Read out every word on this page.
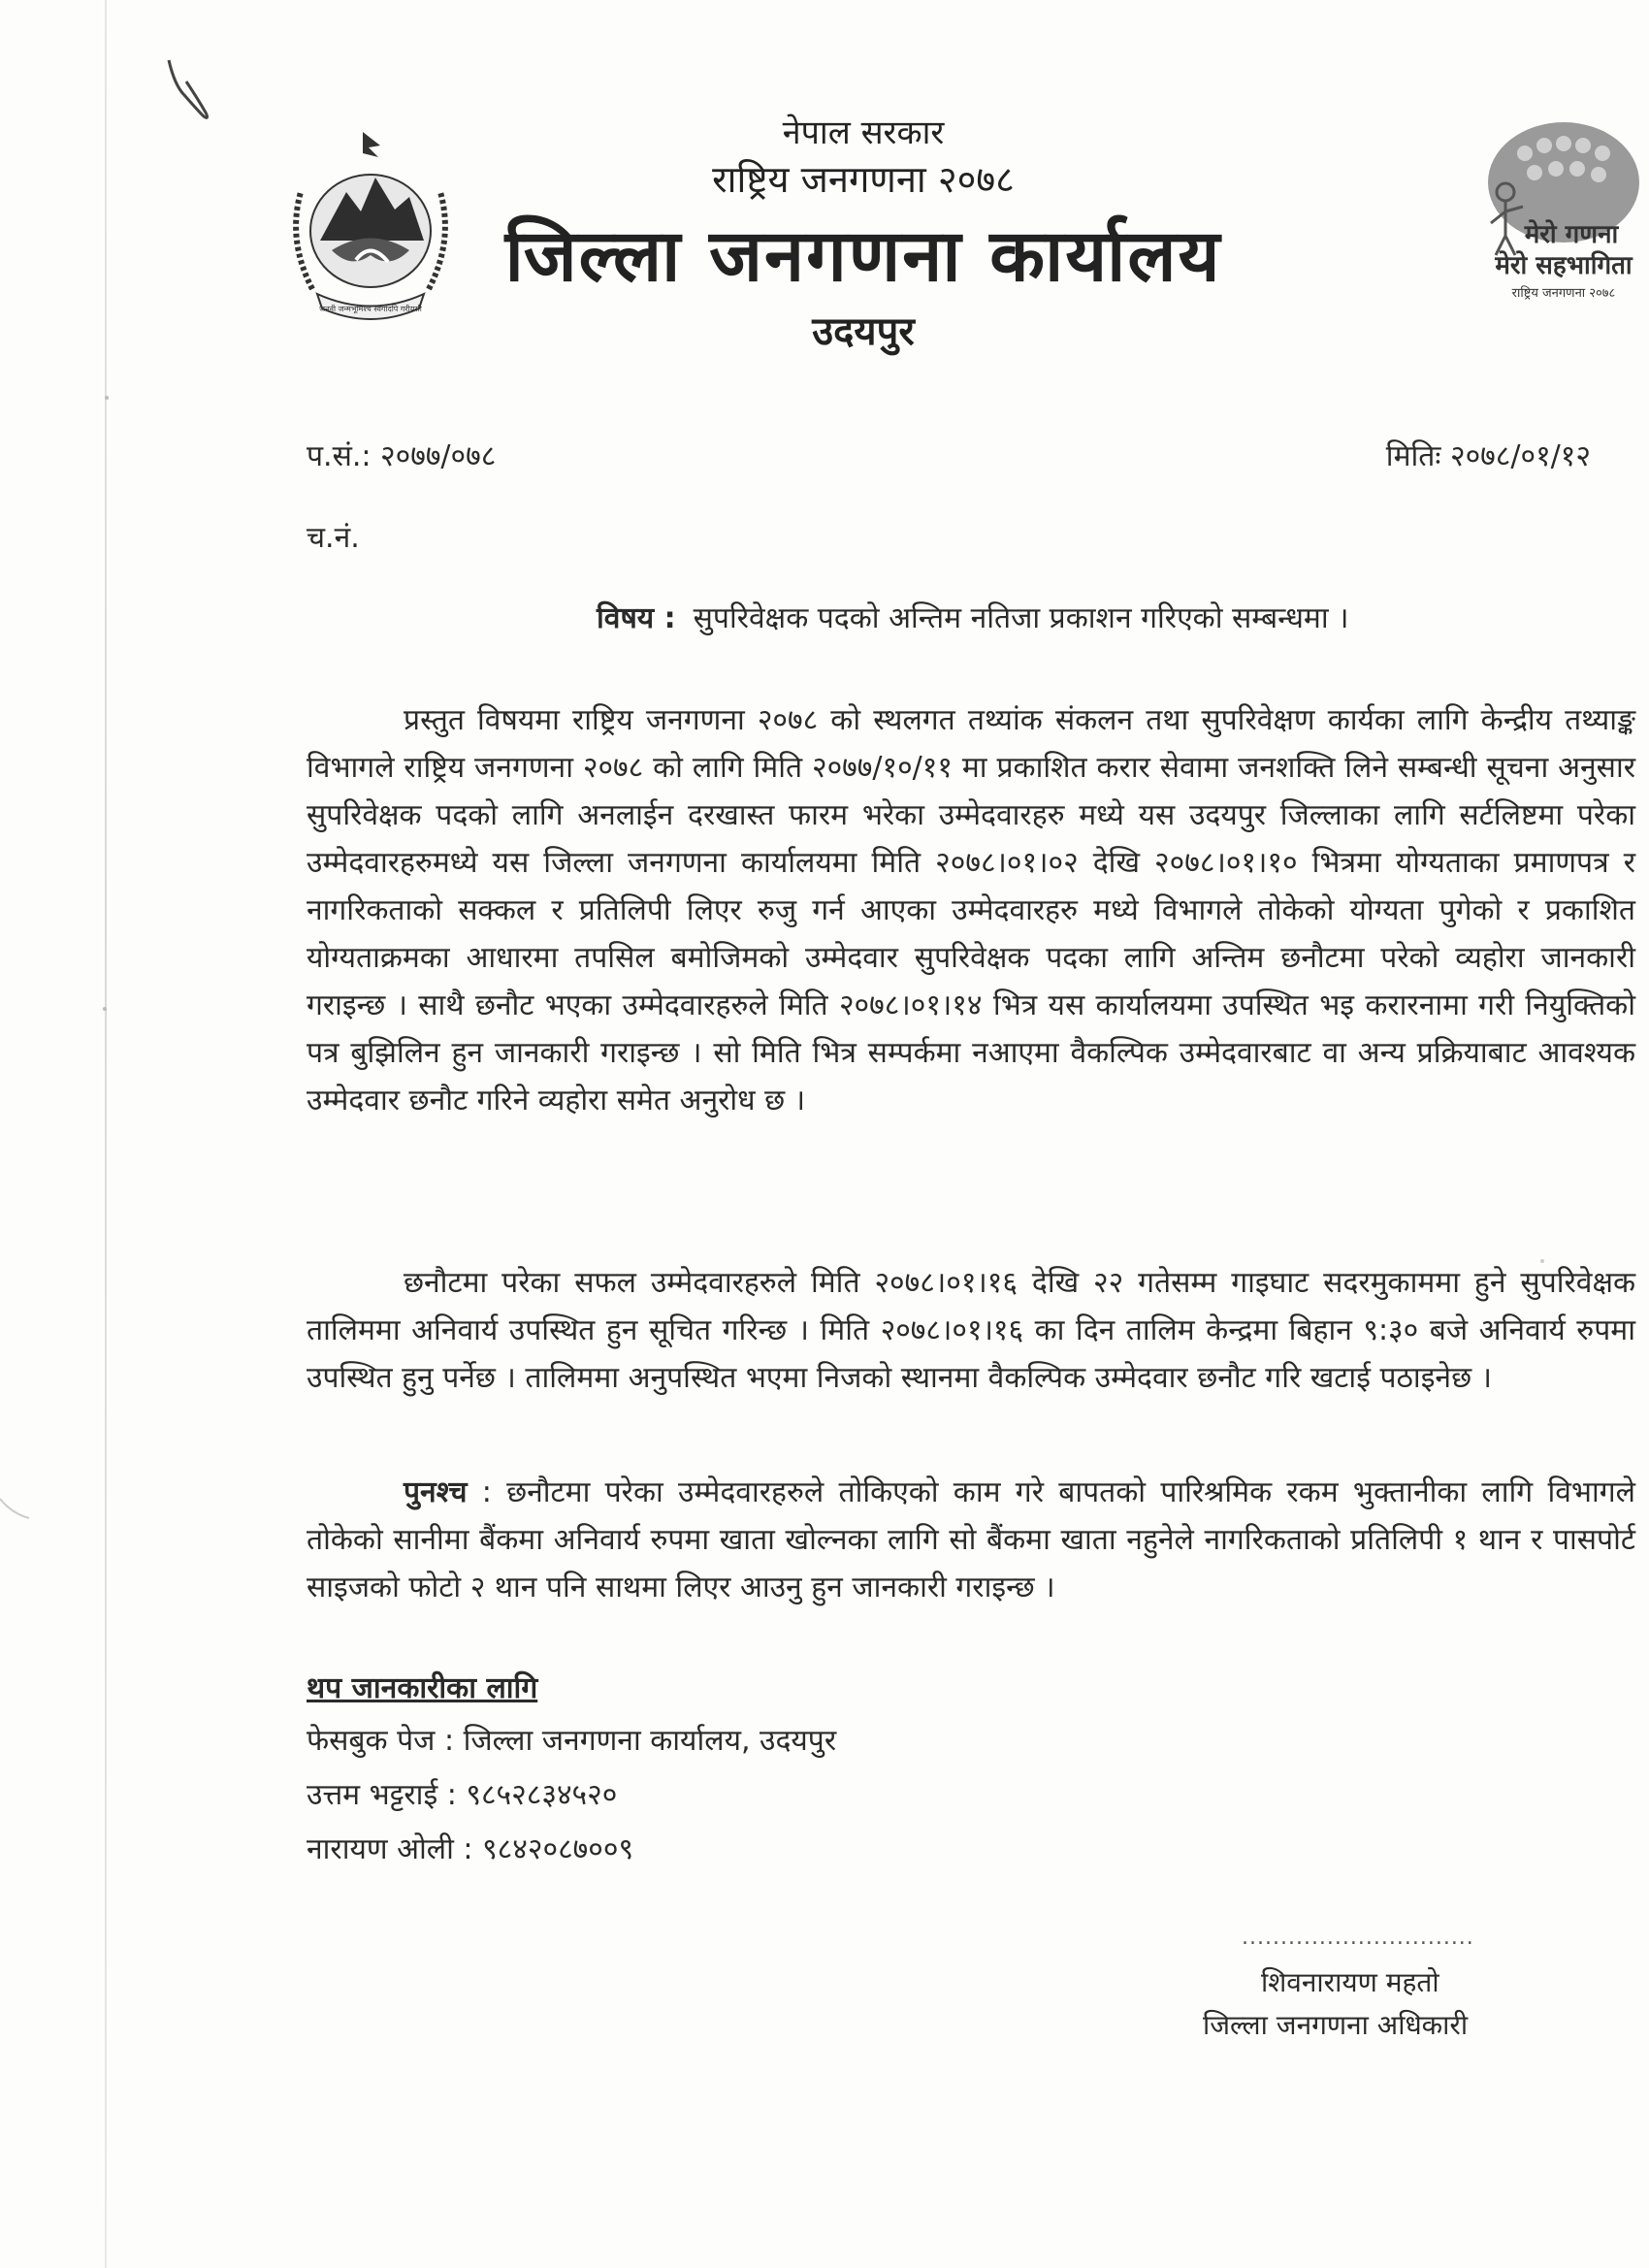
जननी जन्मभूमिश्च स्वर्गादपि गरीयसी
मेरो गणना
मेरो सहभागिता
राष्ट्रिय जनगणना २०७८
नेपाल सरकार
राष्ट्रिय जनगणना २०७८
जिल्ला जनगणना कार्यालय
उदयपुर
प.सं.: २०७७/०७८	मितिः २०७८/०१/१२
च.नं.
विषय : सुपरिवेक्षक पदको अन्तिम नतिजा प्रकाशन गरिएको सम्बन्धमा ।
प्रस्तुत विषयमा राष्ट्रिय जनगणना २०७८ को स्थलगत तथ्यांक संकलन तथा सुपरिवेक्षण कार्यका लागि केन्द्रीय तथ्याङ्क विभागले राष्ट्रिय जनगणना २०७८ को लागि मिति २०७७/१०/११ मा प्रकाशित करार सेवामा जनशक्ति लिने सम्बन्धी सूचना अनुसार सुपरिवेक्षक पदको लागि अनलाईन दरखास्त फारम भरेका उम्मेदवारहरु मध्ये यस उदयपुर जिल्लाका लागि सर्टलिष्टमा परेका उम्मेदवारहरुमध्ये यस जिल्ला जनगणना कार्यालयमा मिति २०७८।०१।०२ देखि २०७८।०१।१० भित्रमा योग्यताका प्रमाणपत्र र नागरिकताको सक्कल र प्रतिलिपी लिएर रुजु गर्न आएका उम्मेदवारहरु मध्ये विभागले तोकेको योग्यता पुगेको र प्रकाशित योग्यताक्रमका आधारमा तपसिल बमोजिमको उम्मेदवार सुपरिवेक्षक पदका लागि अन्तिम छनौटमा परेको व्यहोरा जानकारी गराइन्छ । साथै छनौट भएका उम्मेदवारहरुले मिति २०७८।०१।१४ भित्र यस कार्यालयमा उपस्थित भइ करारनामा गरी नियुक्तिको पत्र बुझिलिन हुन जानकारी गराइन्छ । सो मिति भित्र सम्पर्कमा नआएमा वैकल्पिक उम्मेदवारबाट वा अन्य प्रक्रियाबाट आवश्यक उम्मेदवार छनौट गरिने व्यहोरा समेत अनुरोध छ ।
छनौटमा परेका सफल उम्मेदवारहरुले मिति २०७८।०१।१६ देखि २२ गतेसम्म गाइघाट सदरमुकाममा हुने सुपरिवेक्षक तालिममा अनिवार्य उपस्थित हुन सूचित गरिन्छ । मिति २०७८।०१।१६ का दिन तालिम केन्द्रमा बिहान ९:३० बजे अनिवार्य रुपमा उपस्थित हुनु पर्नेछ । तालिममा अनुपस्थित भएमा निजको स्थानमा वैकल्पिक उम्मेदवार छनौट गरि खटाई पठाइनेछ ।
पुनश्च : छनौटमा परेका उम्मेदवारहरुले तोकिएको काम गरे बापतको पारिश्रमिक रकम भुक्तानीका लागि विभागले तोकेको सानीमा बैंकमा अनिवार्य रुपमा खाता खोल्नका लागि सो बैंकमा खाता नहुनेले नागरिकताको प्रतिलिपी १ थान र पासपोर्ट साइजको फोटो २ थान पनि साथमा लिएर आउनु हुन जानकारी गराइन्छ ।
थप जानकारीका लागि
फेसबुक पेज : जिल्ला जनगणना कार्यालय, उदयपुर
उत्तम भट्टराई : ९८५२८३४५२०
नारायण ओली : ९८४२०८७००९
..............................
शिवनारायण महतो
जिल्ला जनगणना अधिकारी
